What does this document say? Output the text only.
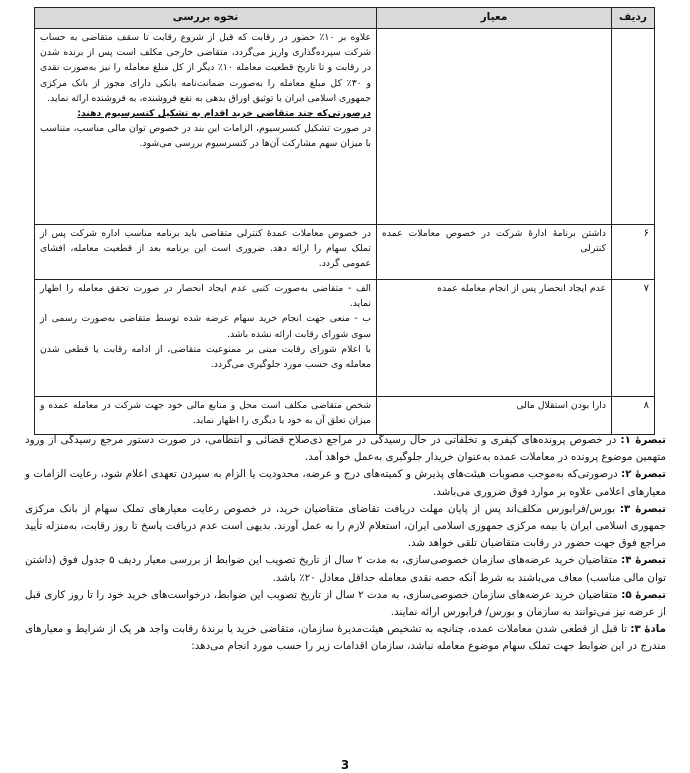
ردیف	معیار	نحوه بررسی

		علاوه بر ۱۰٪ حضور در رقابت که قبل از شروع رقابت تا سقف متقاضی به حساب شرکت سپرده‌گذاری واریز می‌گردد، متقاضی خارجی مکلف است پس از برنده شدن در رقابت و تا تاریخ قطعیت معامله ۱۰٪ دیگر از کل مبلغ معامله را نیز به‌صورت نقدی و ۳۰٪ کل مبلغ معامله را به‌صورت ضمانت‌نامه بانکی دارای مجوز از بانک مرکزی جمهوری اسلامی ایران یا توثیق اوراق بدهی به نفع فروشنده، به فروشنده ارائه نماید.

درصورتی‌که چند متقاضی خرید اقدام به تشکیل کنسرسیوم دهند:

در صورت تشکیل کنسرسیوم، الزامات این بند در خصوص توان مالی مناسب، متناسب با میزان سهم مشارکت آن‌ها در کنسرسیوم بررسی می‌شود.

۶	داشتن برنامهٔ ادارهٔ شرکت در خصوص معاملات عمده کنترلی	در خصوص معاملات عمدهٔ کنترلی متقاضی باید برنامه مناسب اداره شرکت پس از تملک سهام را ارائه دهد. ضروری است این برنامه بعد از قطعیت معامله، افشای عمومی گردد.

۷	عدم ایجاد انحصار پس از انجام معامله عمده	الف - متقاضی به‌صورت کتبی عدم ایجاد انحصار در صورت تحقق معامله را اظهار نماید.

ب - منعی جهت انجام خرید سهام عرضه شده توسط متقاضی به‌صورت رسمی از سوی شورای رقابت ارائه نشده باشد.

با اعلام شورای رقابت مبنی بر ممنوعیت متقاضی، از ادامه رقابت یا قطعی شدن معامله وی حسب مورد جلوگیری می‌گردد.

۸	دارا بودن استقلال مالی	شخص متقاضی مکلف است محل و منابع مالی خود جهت شرکت در معامله عمده و میزان تعلق آن به خود یا دیگری را اظهار نماید.

تبصرهٔ ۱: در خصوص پرونده‌های کیفری و تخلفاتی در حال رسیدگی در مراجع ذی‌صلاح قضائی و انتظامی، در صورت دستور مرجع رسیدگی از ورود متهمین موضوع پرونده در معاملات عمده به‌عنوان خریدار جلوگیری به‌عمل خواهد آمد.

تبصرهٔ ۲: درصورتی‌که به‌موجب مصوبات هیئت‌های پذیرش و کمیته‌های درج و عرضه، محدودیت یا الزام به سپردن تعهدی اعلام شود، رعایت الزامات و معیارهای اعلامی علاوه بر موارد فوق ضروری می‌باشد.

تبصرهٔ ۳: بورس/فرابورس مکلف‌اند پس از پایان مهلت دریافت تقاضای متقاضیان خرید، در خصوص رعایت معیارهای تملک سهام از بانک مرکزی جمهوری اسلامی ایران یا بیمه مرکزی جمهوری اسلامی ایران، استعلام لازم را به عمل آورند. بدیهی است عدم دریافت پاسخ تا روز رقابت، به‌منزله تأیید مراجع فوق جهت حضور در رقابت متقاضیان تلقی خواهد شد.

تبصرهٔ ۴: متقاضیان خرید عرضه‌های سازمان خصوصی‌سازی، به مدت ۲ سال از تاریخ تصویب این ضوابط از بررسی معیار ردیف ۵ جدول فوق (داشتن توان مالی مناسب) معاف می‌باشند به شرط آنکه حصه نقدی معامله حداقل معادل ۲۰٪ باشد.

تبصرهٔ ۵: متقاضیان خرید عرضه‌های سازمان خصوصی‌سازی، به مدت ۲ سال از تاریخ تصویب این ضوابط، درخواست‌های خرید خود را تا روز کاری قبل از عرضه نیز می‌توانند به سازمان و بورس/ فرابورس ارائه نمایند.

مادهٔ ۳: تا قبل از قطعی شدن معاملات عمده، چنانچه به تشخیص هیئت‌مدیرهٔ سازمان، متقاضی خرید یا برندهٔ رقابت واجد هر یک از شرایط و معیارهای مندرج در این ضوابط جهت تملک سهام موضوع معامله نباشد، سازمان اقدامات زیر را حسب مورد انجام می‌دهد:

3
